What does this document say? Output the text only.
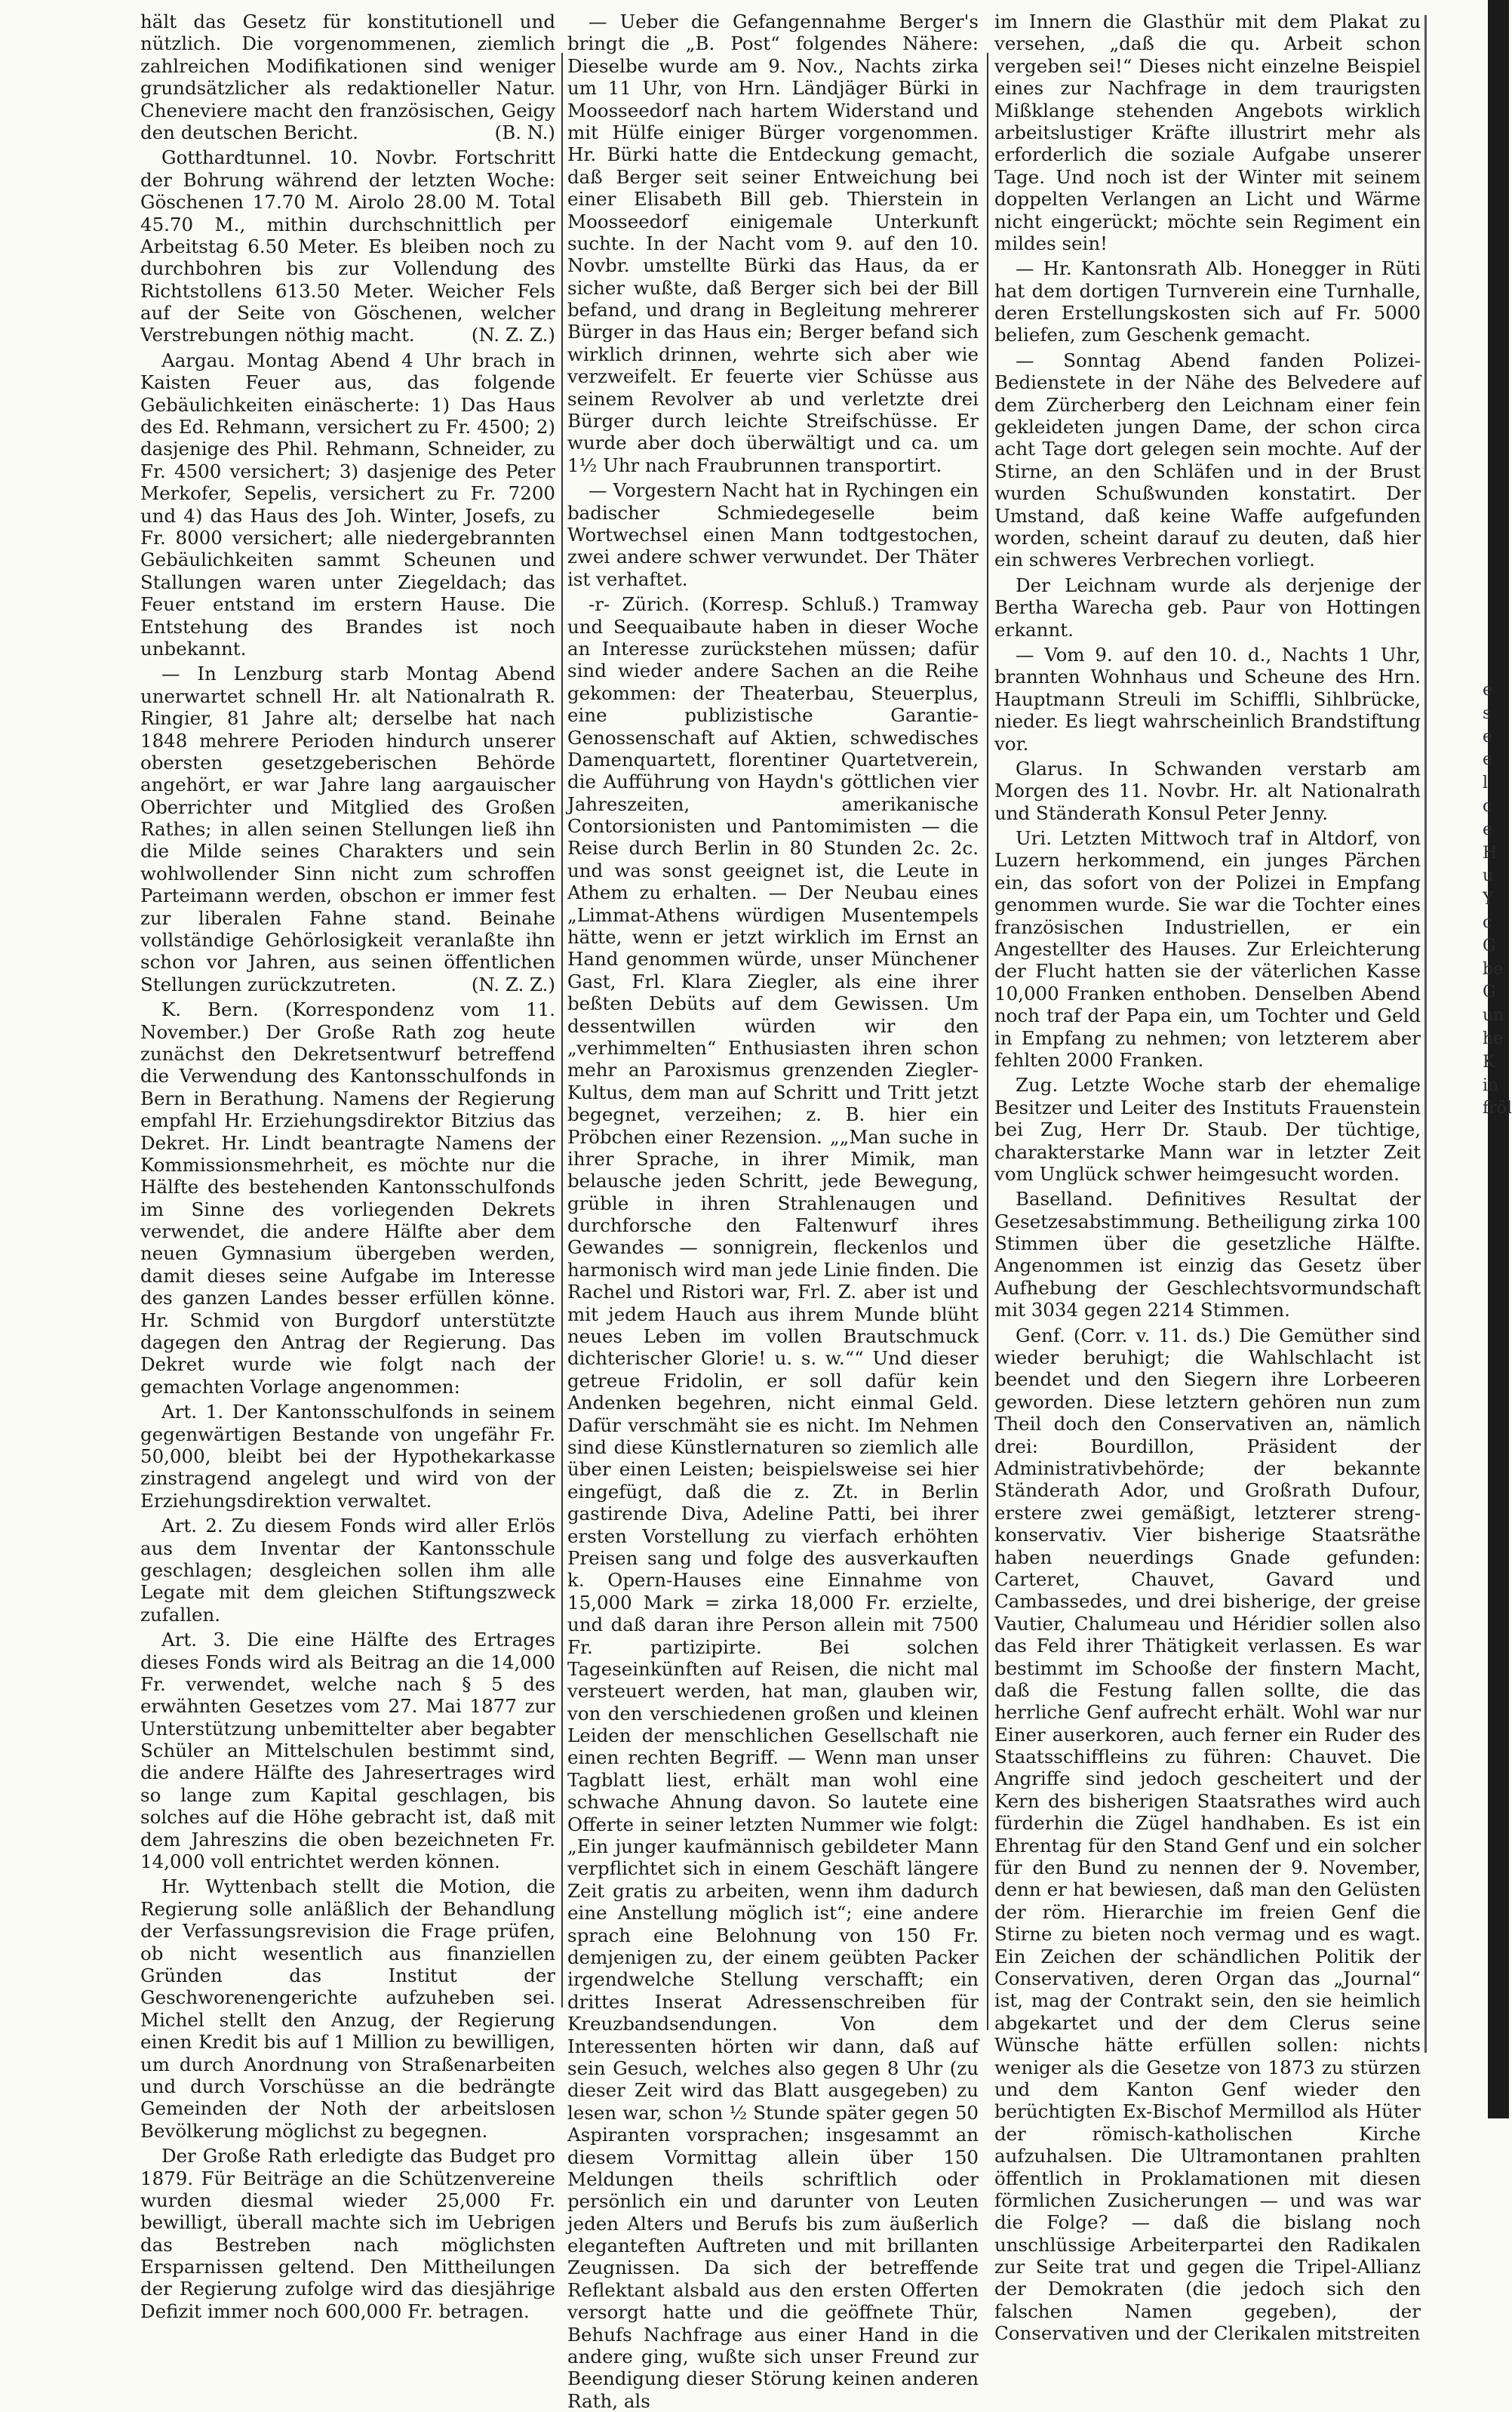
hält das Gesetz für konstitutionell und nützlich. Die vorgenommenen, ziemlich zahlreichen Modifikationen sind weniger grundsätzlicher als redaktioneller Natur. Cheneviere macht den französischen, Geigy den deutschen Bericht.	(B. N.)

Gotthardtunnel. 10. Novbr. Fortschritt der Bohrung während der letzten Woche: Göschenen 17.70 M. Airolo 28.00 M. Total 45.70 M., mithin durchschnittlich per Arbeitstag 6.50 Meter. Es bleiben noch zu durchbohren bis zur Vollendung des Richtstollens 613.50 Meter. Weicher Fels auf der Seite von Göschenen, welcher Verstrebungen nöthig macht.	(N. Z. Z.)

Aargau. Montag Abend 4 Uhr brach in Kaisten Feuer aus, das folgende Gebäulichkeiten einäscherte: 1) Das Haus des Ed. Rehmann, versichert zu Fr. 4500; 2) dasjenige des Phil. Rehmann, Schneider, zu Fr. 4500 versichert; 3) dasjenige des Peter Merkofer, Sepelis, versichert zu Fr. 7200 und 4) das Haus des Joh. Winter, Josefs, zu Fr. 8000 versichert; alle niedergebrannten Gebäulichkeiten sammt Scheunen und Stallungen waren unter Ziegeldach; das Feuer entstand im erstern Hause. Die Entstehung des Brandes ist noch unbekannt.

— In Lenzburg starb Montag Abend unerwartet schnell Hr. alt Nationalrath R. Ringier, 81 Jahre alt; derselbe hat nach 1848 mehrere Perioden hindurch unserer obersten gesetzgeberischen Behörde angehört, er war Jahre lang aargauischer Oberrichter und Mitglied des Großen Rathes; in allen seinen Stellungen ließ ihn die Milde seines Charakters und sein wohlwollender Sinn nicht zum schroffen Parteimann werden, obschon er immer fest zur liberalen Fahne stand. Beinahe vollständige Gehörlosigkeit veranlaßte ihn schon vor Jahren, aus seinen öffentlichen Stellungen zurückzutreten.	(N. Z. Z.)

K. Bern. (Korrespondenz vom 11. November.) Der Große Rath zog heute zunächst den Dekretsentwurf betreffend die Verwendung des Kantonsschulfonds in Bern in Berathung. Namens der Regierung empfahl Hr. Erziehungsdirektor Bitzius das Dekret. Hr. Lindt beantragte Namens der Kommissionsmehrheit, es möchte nur die Hälfte des bestehenden Kantonsschulfonds im Sinne des vorliegenden Dekrets verwendet, die andere Hälfte aber dem neuen Gymnasium übergeben werden, damit dieses seine Aufgabe im Interesse des ganzen Landes besser erfüllen könne. Hr. Schmid von Burgdorf unterstützte dagegen den Antrag der Regierung. Das Dekret wurde wie folgt nach der gemachten Vorlage angenommen:

Art. 1. Der Kantonsschulfonds in seinem gegenwärtigen Bestande von ungefähr Fr. 50,000, bleibt bei der Hypothekarkasse zinstragend angelegt und wird von der Erziehungsdirektion verwaltet.

Art. 2. Zu diesem Fonds wird aller Erlös aus dem Inventar der Kantonsschule geschlagen; desgleichen sollen ihm alle Legate mit dem gleichen Stiftungszweck zufallen.

Art. 3. Die eine Hälfte des Ertrages dieses Fonds wird als Beitrag an die 14,000 Fr. verwendet, welche nach § 5 des erwähnten Gesetzes vom 27. Mai 1877 zur Unterstützung unbemittelter aber begabter Schüler an Mittelschulen bestimmt sind, die andere Hälfte des Jahresertrages wird so lange zum Kapital geschlagen, bis solches auf die Höhe gebracht ist, daß mit dem Jahreszins die oben bezeichneten Fr. 14,000 voll entrichtet werden können.

Hr. Wyttenbach stellt die Motion, die Regierung solle anläßlich der Behandlung der Verfassungsrevision die Frage prüfen, ob nicht wesentlich aus finanziellen Gründen das Institut der Geschworenengerichte aufzuheben sei. Michel stellt den Anzug, der Regierung einen Kredit bis auf 1 Million zu bewilligen, um durch Anordnung von Straßenarbeiten und durch Vorschüsse an die bedrängte Gemeinden der Noth der arbeitslosen Bevölkerung möglichst zu begegnen.

Der Große Rath erledigte das Budget pro 1879. Für Beiträge an die Schützenvereine wurden diesmal wieder 25,000 Fr. bewilligt, überall machte sich im Uebrigen das Bestreben nach möglichsten Ersparnissen geltend. Den Mittheilungen der Regierung zufolge wird das diesjährige Defizit immer noch 600,000 Fr. betragen.

— Ueber die Gefangennahme Berger's bringt die „B. Post“ folgendes Nähere: Dieselbe wurde am 9. Nov., Nachts zirka um 11 Uhr, von Hrn. Ländjäger Bürki in Moosseedorf nach hartem Widerstand und mit Hülfe einiger Bürger vorgenommen. Hr. Bürki hatte die Entdeckung gemacht, daß Berger seit seiner Entweichung bei einer Elisabeth Bill geb. Thierstein in Moosseedorf einigemale Unterkunft suchte. In der Nacht vom 9. auf den 10. Novbr. umstellte Bürki das Haus, da er sicher wußte, daß Berger sich bei der Bill befand, und drang in Begleitung mehrerer Bürger in das Haus ein; Berger befand sich wirklich drinnen, wehrte sich aber wie verzweifelt. Er feuerte vier Schüsse aus seinem Revolver ab und verletzte drei Bürger durch leichte Streifschüsse. Er wurde aber doch überwältigt und ca. um 1½ Uhr nach Fraubrunnen transportirt.

— Vorgestern Nacht hat in Rychingen ein badischer Schmiedegeselle beim Wortwechsel einen Mann todtgestochen, zwei andere schwer verwundet. Der Thäter ist verhaftet.

-r- Zürich. (Korresp. Schluß.) Tramway und Seequaibaute haben in dieser Woche an Interesse zurückstehen müssen; dafür sind wieder andere Sachen an die Reihe gekommen: der Theaterbau, Steuerplus, eine publizistische Garantie-Genossenschaft auf Aktien, schwedisches Damenquartett, florentiner Quartetverein, die Aufführung von Haydn's göttlichen vier Jahreszeiten, amerikanische Contorsionisten und Pantomimisten — die Reise durch Berlin in 80 Stunden 2c. 2c. und was sonst geeignet ist, die Leute in Athem zu erhalten. — Der Neubau eines „Limmat-Athens würdigen Musentempels hätte, wenn er jetzt wirklich im Ernst an Hand genommen würde, unser Münchener Gast, Frl. Klara Ziegler, als eine ihrer beßten Debüts auf dem Gewissen. Um dessentwillen würden wir den „verhimmelten“ Enthusiasten ihren schon mehr an Paroxismus grenzenden Ziegler-Kultus, dem man auf Schritt und Tritt jetzt begegnet, verzeihen; z. B. hier ein Pröbchen einer Rezension. „„Man suche in ihrer Sprache, in ihrer Mimik, man belausche jeden Schritt, jede Bewegung, grüble in ihren Strahlenaugen und durchforsche den Faltenwurf ihres Gewandes — sonnigrein, fleckenlos und harmonisch wird man jede Linie finden. Die Rachel und Ristori war, Frl. Z. aber ist und mit jedem Hauch aus ihrem Munde blüht neues Leben im vollen Brautschmuck dichterischer Glorie! u. s. w.““ Und dieser getreue Fridolin, er soll dafür kein Andenken begehren, nicht einmal Geld. Dafür verschmäht sie es nicht. Im Nehmen sind diese Künstlernaturen so ziemlich alle über einen Leisten; beispielsweise sei hier eingefügt, daß die z. Zt. in Berlin gastirende Diva, Adeline Patti, bei ihrer ersten Vorstellung zu vierfach erhöhten Preisen sang und folge des ausverkauften k. Opern-Hauses eine Einnahme von 15,000 Mark = zirka 18,000 Fr. erzielte, und daß daran ihre Person allein mit 7500 Fr. partizipirte. Bei solchen Tageseinkünften auf Reisen, die nicht mal versteuert werden, hat man, glauben wir, von den verschiedenen großen und kleinen Leiden der menschlichen Gesellschaft nie einen rechten Begriff. — Wenn man unser Tagblatt liest, erhält man wohl eine schwache Ahnung davon. So lautete eine Offerte in seiner letzten Nummer wie folgt: „Ein junger kaufmännisch gebildeter Mann verpflichtet sich in einem Geschäft längere Zeit gratis zu arbeiten, wenn ihm dadurch eine Anstellung möglich ist“; eine andere sprach eine Belohnung von 150 Fr. demjenigen zu, der einem geübten Packer irgendwelche Stellung verschafft; ein drittes Inserat Adressenschreiben für Kreuzbandsendungen. Von dem Interessenten hörten wir dann, daß auf sein Gesuch, welches also gegen 8 Uhr (zu dieser Zeit wird das Blatt ausgegeben) zu lesen war, schon ½ Stunde später gegen 50 Aspiranten vorsprachen; insgesammt an diesem Vormittag allein über 150 Meldungen theils schriftlich oder persönlich ein und darunter von Leuten jeden Alters und Berufs bis zum äußerlich eleganteften Auftreten und mit brillanten Zeugnissen. Da sich der betreffende Reflektant alsbald aus den ersten Offerten versorgt hatte und die geöffnete Thür, Behufs Nachfrage aus einer Hand in die andere ging, wußte sich unser Freund zur Beendigung dieser Störung keinen anderen Rath, als

im Innern die Glasthür mit dem Plakat zu versehen, „daß die qu. Arbeit schon vergeben sei!“ Dieses nicht einzelne Beispiel eines zur Nachfrage in dem traurigsten Mißklange stehenden Angebots wirklich arbeitslustiger Kräfte illustrirt mehr als erforderlich die soziale Aufgabe unserer Tage. Und noch ist der Winter mit seinem doppelten Verlangen an Licht und Wärme nicht eingerückt; möchte sein Regiment ein mildes sein!

— Hr. Kantonsrath Alb. Honegger in Rüti hat dem dortigen Turnverein eine Turnhalle, deren Erstellungskosten sich auf Fr. 5000 beliefen, zum Geschenk gemacht.

— Sonntag Abend fanden Polizei-Bedienstete in der Nähe des Belvedere auf dem Zürcherberg den Leichnam einer fein gekleideten jungen Dame, der schon circa acht Tage dort gelegen sein mochte. Auf der Stirne, an den Schläfen und in der Brust wurden Schußwunden konstatirt. Der Umstand, daß keine Waffe aufgefunden worden, scheint darauf zu deuten, daß hier ein schweres Verbrechen vorliegt.

Der Leichnam wurde als derjenige der Bertha Warecha geb. Paur von Hottingen erkannt.

— Vom 9. auf den 10. d., Nachts 1 Uhr, brannten Wohnhaus und Scheune des Hrn. Hauptmann Streuli im Schiffli, Sihlbrücke, nieder. Es liegt wahrscheinlich Brandstiftung vor.

Glarus. In Schwanden verstarb am Morgen des 11. Novbr. Hr. alt Nationalrath und Ständerath Konsul Peter Jenny.

Uri. Letzten Mittwoch traf in Altdorf, von Luzern herkommend, ein junges Pärchen ein, das sofort von der Polizei in Empfang genommen wurde. Sie war die Tochter eines französischen Industriellen, er ein Angestellter des Hauses. Zur Erleichterung der Flucht hatten sie der väterlichen Kasse 10,000 Franken enthoben. Denselben Abend noch traf der Papa ein, um Tochter und Geld in Empfang zu nehmen; von letzterem aber fehlten 2000 Franken.

Zug. Letzte Woche starb der ehemalige Besitzer und Leiter des Instituts Frauenstein bei Zug, Herr Dr. Staub. Der tüchtige, charakterstarke Mann war in letzter Zeit vom Unglück schwer heimgesucht worden.

Baselland. Definitives Resultat der Gesetzesabstimmung. Betheiligung zirka 100 Stimmen über die gesetzliche Hälfte. Angenommen ist einzig das Gesetz über Aufhebung der Geschlechtsvormundschaft mit 3034 gegen 2214 Stimmen.

Genf. (Corr. v. 11. ds.) Die Gemüther sind wieder beruhigt; die Wahlschlacht ist beendet und den Siegern ihre Lorbeeren geworden. Diese letztern gehören nun zum Theil doch den Conservativen an, nämlich drei: Bourdillon, Präsident der Administrativbehörde; der bekannte Ständerath Ador, und Großrath Dufour, erstere zwei gemäßigt, letzterer streng-konservativ. Vier bisherige Staatsräthe haben neuerdings Gnade gefunden: Carteret, Chauvet, Gavard und Cambassedes, und drei bisherige, der greise Vautier, Chalumeau und Héridier sollen also das Feld ihrer Thätigkeit verlassen. Es war bestimmt im Schooße der finstern Macht, daß die Festung fallen sollte, die das herrliche Genf aufrecht erhält. Wohl war nur Einer auserkoren, auch ferner ein Ruder des Staatsschiffleins zu führen: Chauvet. Die Angriffe sind jedoch gescheitert und der Kern des bisherigen Staatsrathes wird auch fürderhin die Zügel handhaben. Es ist ein Ehrentag für den Stand Genf und ein solcher für den Bund zu nennen der 9. November, denn er hat bewiesen, daß man den Gelüsten der röm. Hierarchie im freien Genf die Stirne zu bieten noch vermag und es wagt. Ein Zeichen der schändlichen Politik der Conservativen, deren Organ das „Journal“ ist, mag der Contrakt sein, den sie heimlich abgekartet und der dem Clerus seine Wünsche hätte erfüllen sollen: nichts weniger als die Gesetze von 1873 zu stürzen und dem Kanton Genf wieder den berüchtigten Ex-Bischof Mermillod als Hüter der römisch-katholischen Kirche aufzuhalsen. Die Ultramontanen prahlten öffentlich in Proklamationen mit diesen förmlichen Zusicherungen — und was war die Folge? — daß die bislang noch unschlüssige Arbeiterpartei den Radikalen zur Seite trat und gegen die Tripel-Allianz der Demokraten (die jedoch sich den falschen Namen gegeben), der Conservativen und der Clerikalen mitstreiten

e
s
e
e
l
c
e
H
u
Y
c
G
be
G
un
he
K
in
fröl
